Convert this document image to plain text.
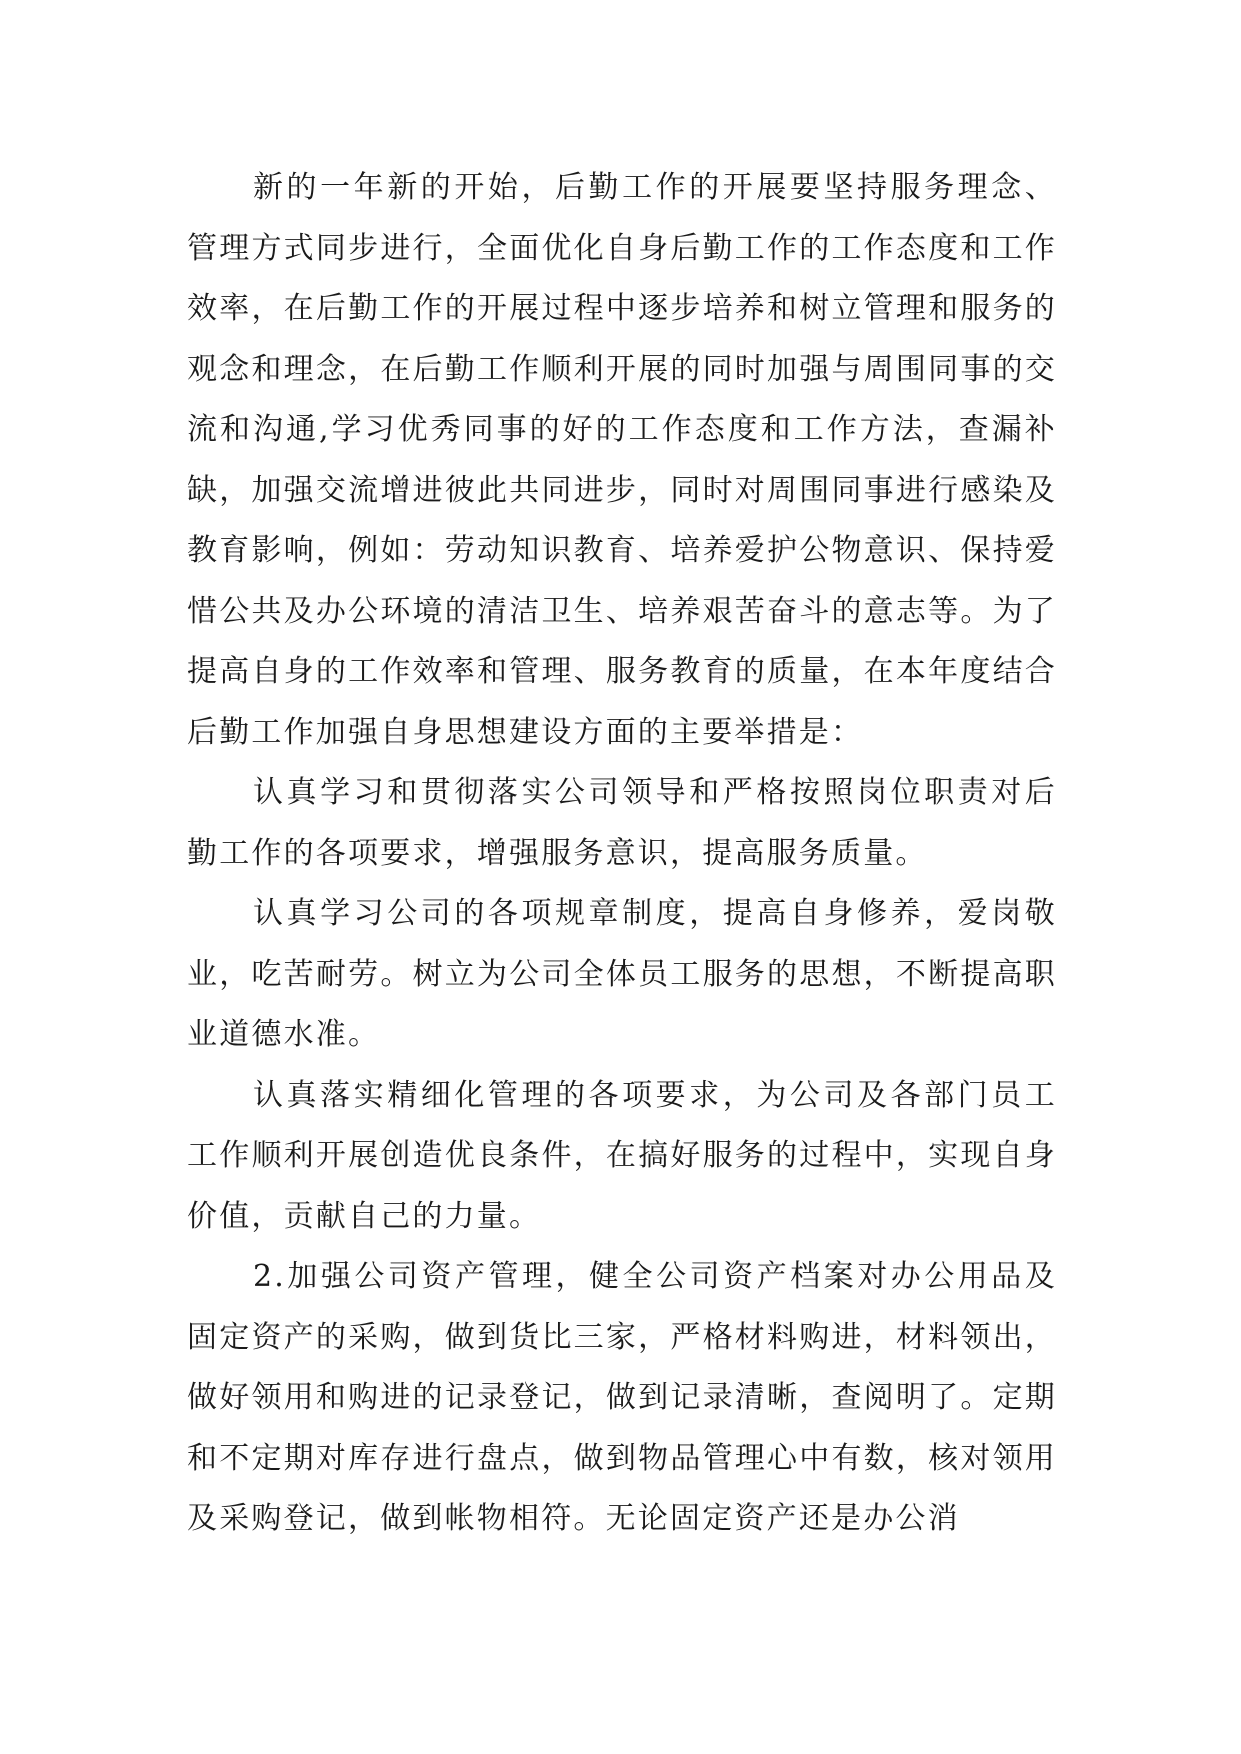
新的一年新的开始，后勤工作的开展要坚持服务理念、管理方式同步进行，全面优化自身后勤工作的工作态度和工作效率，在后勤工作的开展过程中逐步培养和树立管理和服务的观念和理念，在后勤工作顺利开展的同时加强与周围同事的交流和沟通,学习优秀同事的好的工作态度和工作方法，查漏补缺，加强交流增进彼此共同进步，同时对周围同事进行感染及教育影响，例如：劳动知识教育、培养爱护公物意识、保持爱惜公共及办公环境的清洁卫生、培养艰苦奋斗的意志等。为了提高自身的工作效率和管理、服务教育的质量，在本年度结合后勤工作加强自身思想建设方面的主要举措是：

认真学习和贯彻落实公司领导和严格按照岗位职责对后勤工作的各项要求，增强服务意识，提高服务质量。

认真学习公司的各项规章制度，提高自身修养，爱岗敬业，吃苦耐劳。树立为公司全体员工服务的思想，不断提高职业道德水准。

认真落实精细化管理的各项要求，为公司及各部门员工工作顺利开展创造优良条件，在搞好服务的过程中，实现自身价值，贡献自己的力量。

2.加强公司资产管理，健全公司资产档案对办公用品及固定资产的采购，做到货比三家，严格材料购进，材料领出，做好领用和购进的记录登记，做到记录清晰，查阅明了。定期和不定期对库存进行盘点，做到物品管理心中有数，核对领用及采购登记，做到帐物相符。无论固定资产还是办公消
